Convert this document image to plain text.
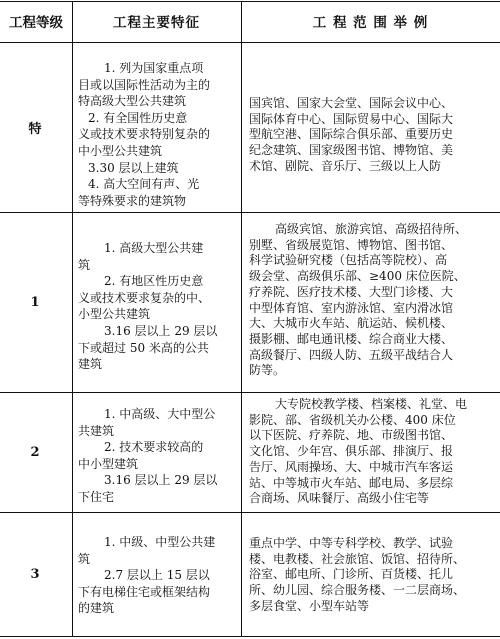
工程等级	工程主要特征	工 程 范 围 举 例
特
1. 列为国家重点项
目或以国际性活动为主的
特高级大型公共建筑
2. 有全国性历史意
义或技术要求特别复杂的
中小型公共建筑
3.30 层以上建筑
4. 高大空间有声、光
等特殊要求的建筑物
国宾馆、国家大会堂、国际会议中心、
国际体育中心、国际贸易中心、国际大
型航空港、国际综合俱乐部、重要历史
纪念建筑、国家级图书馆、博物馆、美
术馆、剧院、音乐厅、三级以上人防
1
1. 高级大型公共建
筑
2. 有地区性历史意
义或技术要求复杂的中、
小型公共建筑
3.16 层以上 29 层以
下或超过 50 米高的公共
建筑
高级宾馆、旅游宾馆、高级招待所、
别墅、省级展览馆、博物馆、图书馆、
科学试验研究楼（包括高等院校）、高
级会堂、高级俱乐部、≥400 床位医院、
疗养院、医疗技术楼、大型门诊楼、大
中型体育馆、室内游泳馆、室内滑冰馆
大、大城市火车站、航运站、候机楼、
摄影棚、邮电通讯楼、综合商业大楼、
高级餐厅、四级人防、五级平战结合人
防等。
2
1. 中高级、大中型公
共建筑
2. 技术要求较高的
中小型建筑
3.16 层以上 29 层以
下住宅
大专院校教学楼、档案楼、礼堂、电
影院、部、省级机关办公楼、400 床位
以下医院、疗养院、地、市级图书馆、
文化馆、少年宫、俱乐部、排演厅、报
告厅、风雨操场、大、中城市汽车客运
站、中等城市火车站、邮电局、多层综
合商场、风味餐厅、高级小住宅等
3
1. 中级、中型公共建
筑
2.7 层以上 15 层以
下有电梯住宅或框架结构
的建筑
重点中学、中等专科学校、教学、试验
楼、电教楼、社会旅馆、饭馆、招待所、
浴室、邮电所、门诊所、百货楼、托儿
所、幼儿园、综合服务楼、一二层商场、
多层食堂、小型车站等
